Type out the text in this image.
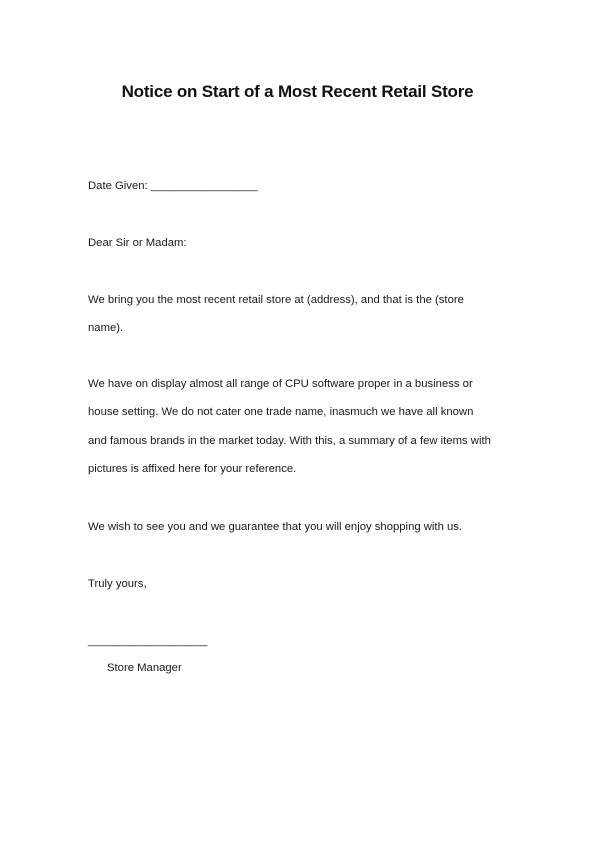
Notice on Start of a Most Recent Retail Store
Date Given: _________________
Dear Sir or Madam:
We bring you the most recent retail store at (address), and that is the (store
name).
We have on display almost all range of CPU software proper in a business or
house setting. We do not cater one trade name, inasmuch we have all known
and famous brands in the market today. With this, a summary of a few items with
pictures is affixed here for your reference.
We wish to see you and we guarantee that you will enjoy shopping with us.
Truly yours,
___________________
Store Manager
